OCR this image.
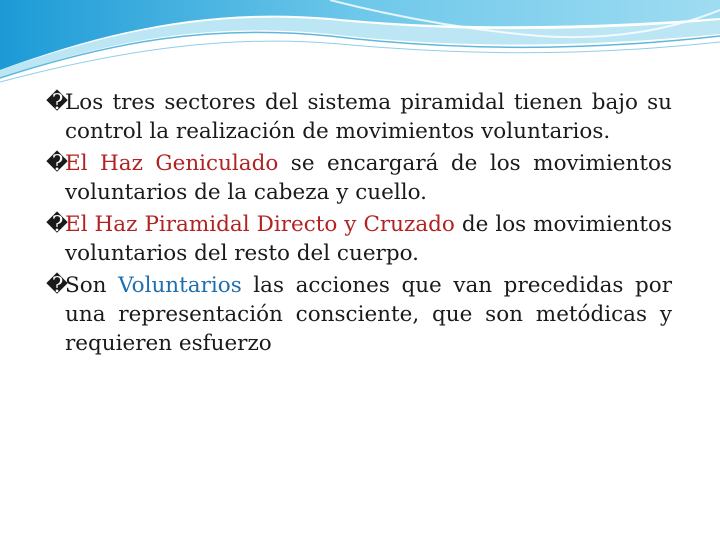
�Los tres sectores del sistema piramidal tienen bajo su control la realización de movimientos voluntarios.

�El Haz Geniculado se encargará de los movimientos voluntarios de la cabeza y cuello.

�El Haz Piramidal Directo y Cruzado de los movimientos voluntarios del resto del cuerpo.

�Son Voluntarios las acciones que van precedidas por una representación consciente, que son metódicas y requieren esfuerzo
